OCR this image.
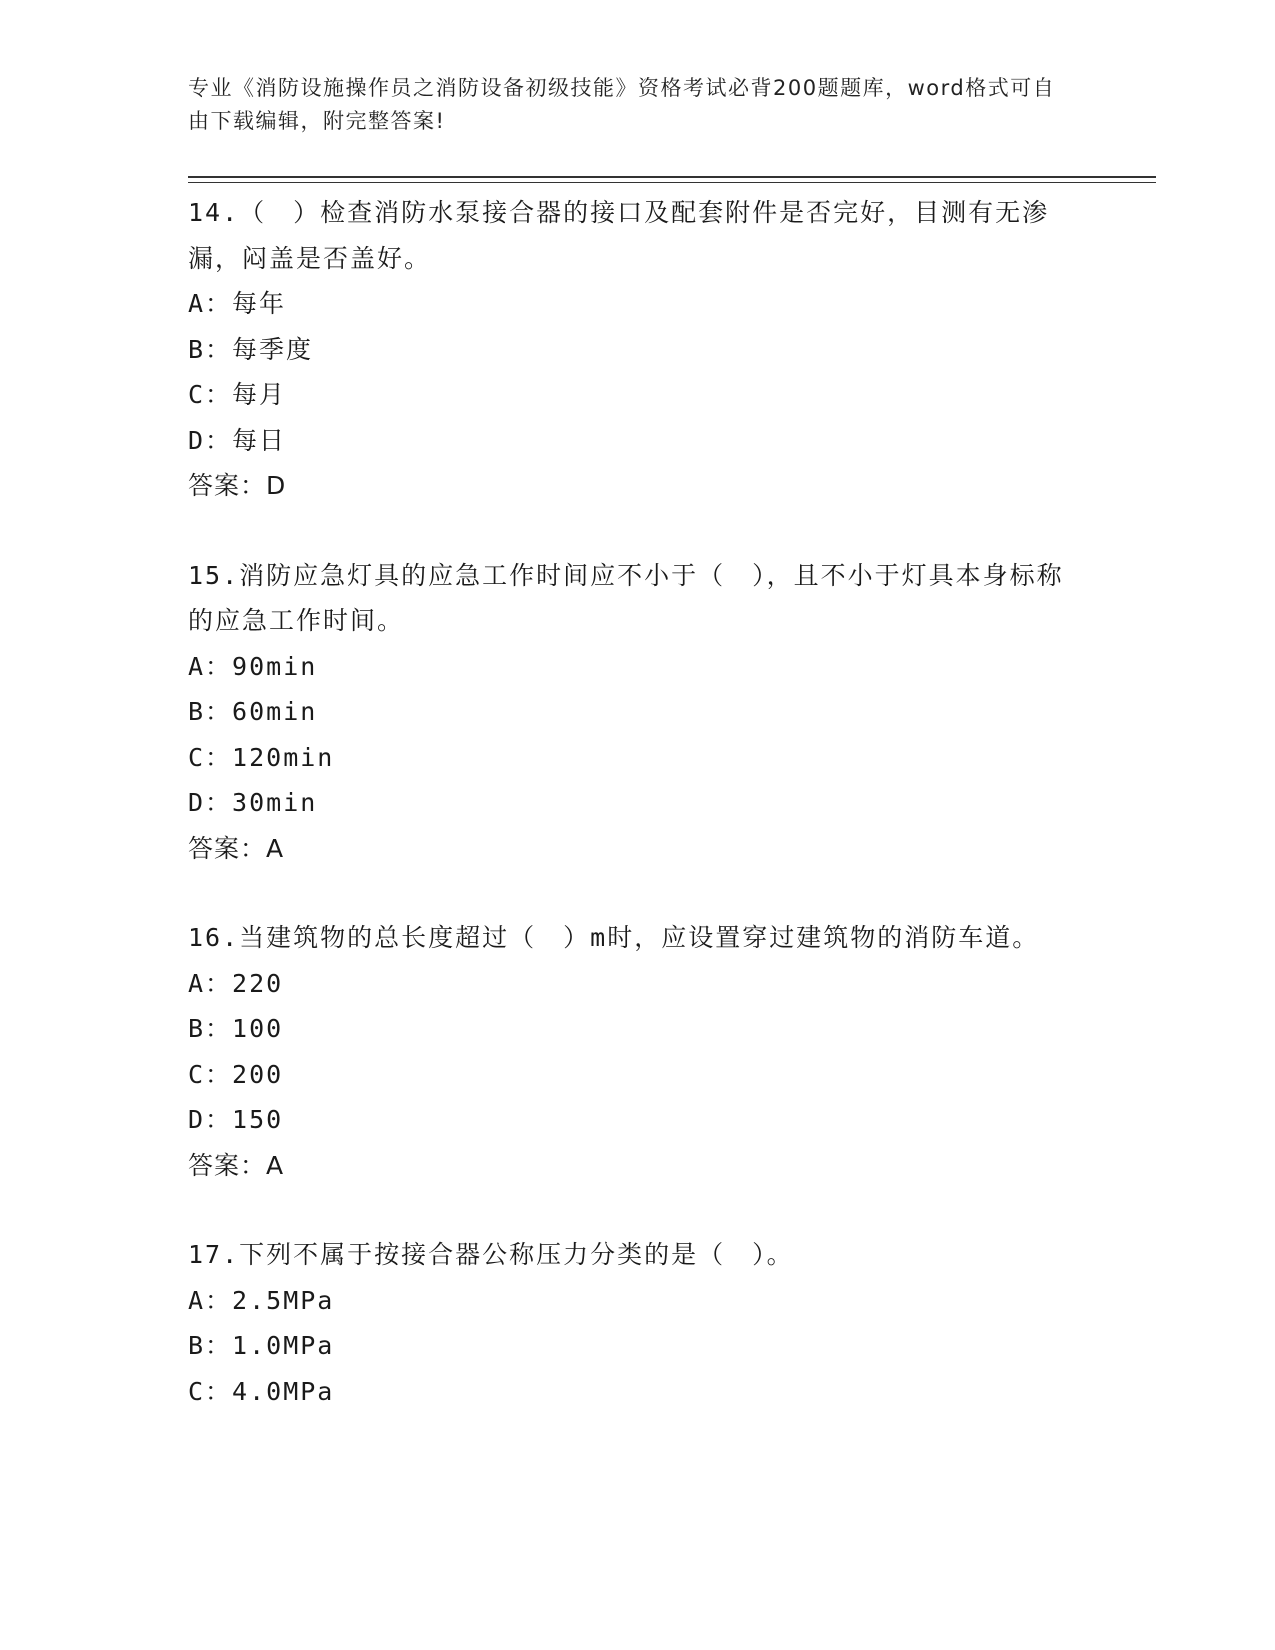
专业《消防设施操作员之消防设备初级技能》资格考试必背200题题库，word格式可自由下载编辑，附完整答案!
14.（　）检查消防水泵接合器的接口及配套附件是否完好，目测有无渗漏，闷盖是否盖好。
A：每年
B：每季度
C：每月
D：每日
答案：D
15.消防应急灯具的应急工作时间应不小于（　），且不小于灯具本身标称的应急工作时间。
A：90min
B：60min
C：120min
D：30min
答案：A
16.当建筑物的总长度超过（　）m时，应设置穿过建筑物的消防车道。
A：220
B：100
C：200
D：150
答案：A
17.下列不属于按接合器公称压力分类的是（　）。
A：2.5MPa
B：1.0MPa
C：4.0MPa
